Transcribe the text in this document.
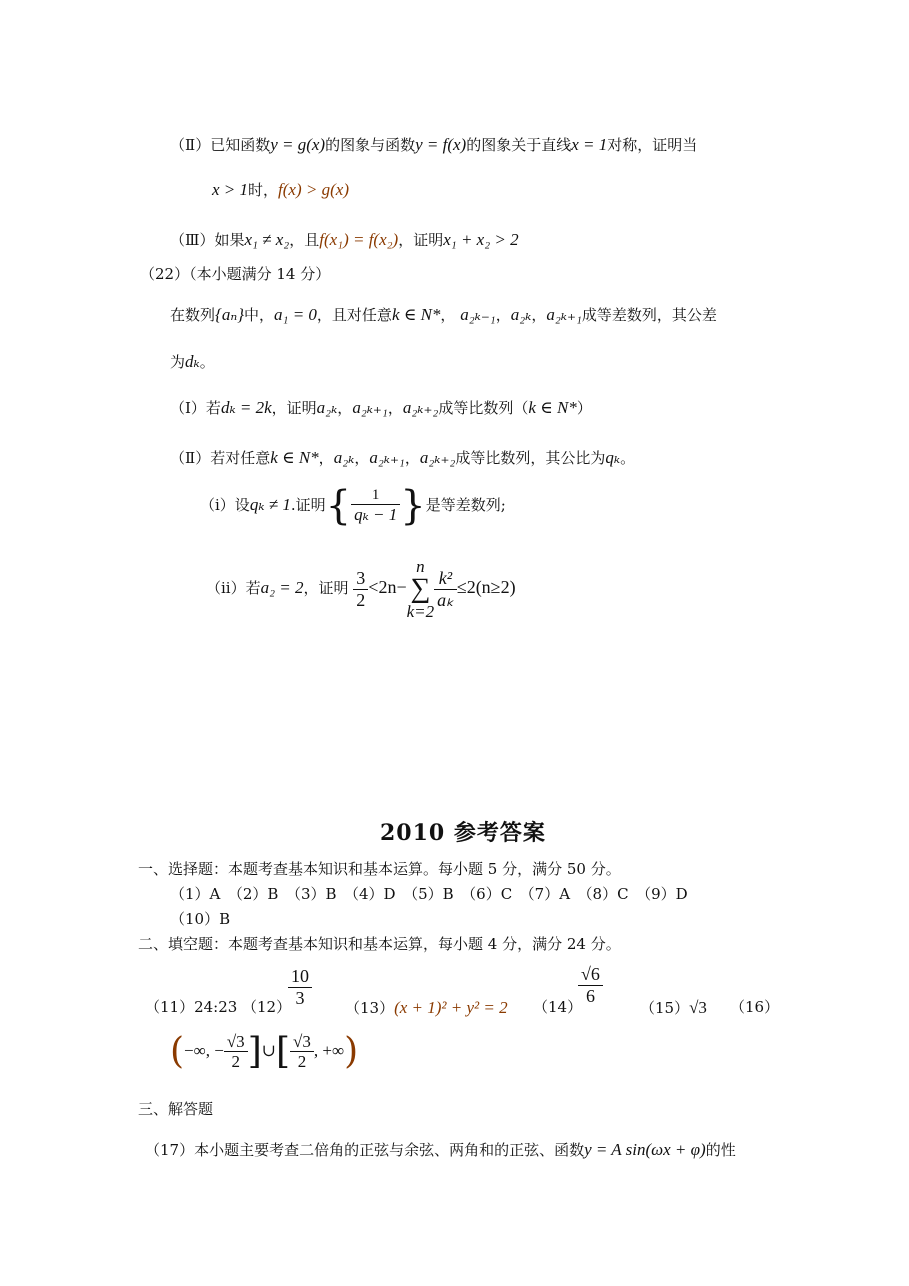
（Ⅱ）已知函数y = g(x)的图象与函数y = f(x)的图象关于直线x = 1对称，证明当
x > 1时，f(x) > g(x)
（Ⅲ）如果x₁ ≠ x₂，且f(x₁) = f(x₂)，证明x₁ + x₂ > 2
（22）（本小题满分 14 分）
在数列{aₙ}中，a₁ = 0，且对任意k ∈ N*， a₂ₖ₋₁，a₂ₖ，a₂ₖ₊₁成等差数列，其公差
为dₖ。
（Ⅰ）若dₖ = 2k，证明a₂ₖ，a₂ₖ₊₁，a₂ₖ₊₂成等比数列（k ∈ N*）
（Ⅱ）若对任意k ∈ N*，a₂ₖ，a₂ₖ₊₁，a₂ₖ₊₂成等比数列，其公比为qₖ。
（i）设qₖ ≠ 1.证明{ $\frac{1}{\text{qₖ − 1}}$ }是等差数列;
（ii）若a₂ = 2，证明 $\frac{3}{2} <2n-n$
∑
k=2
$\frac{\text{k²}}{\text{aₖ}} \le 2(n\ge 2)$
2010 参考答案
一、选择题：本题考查基本知识和基本运算。每小题 5 分，满分 50 分。
（1）A　（2）B　（3）B　（4）D　（5）B　（6）C　（7）A　（8）C　（9）D
（10）B
二、填空题：本题考查基本知识和基本运算，每小题 4 分，满分 24 分。
（11）24:23 （12）
$\frac{10}{3} (13)(x + 1)^2 + y^2 = 2$ （14）
$\frac{√6}{6}$
（15）√3 （16）
(−∞, − $\frac{√3}{2}$ ]∪[ $\frac{√3}{2}$ , +∞)
三、解答题
（17）本小题主要考查二倍角的正弦与余弦、两角和的正弦、函数y = A sin(ωx + φ)的性
